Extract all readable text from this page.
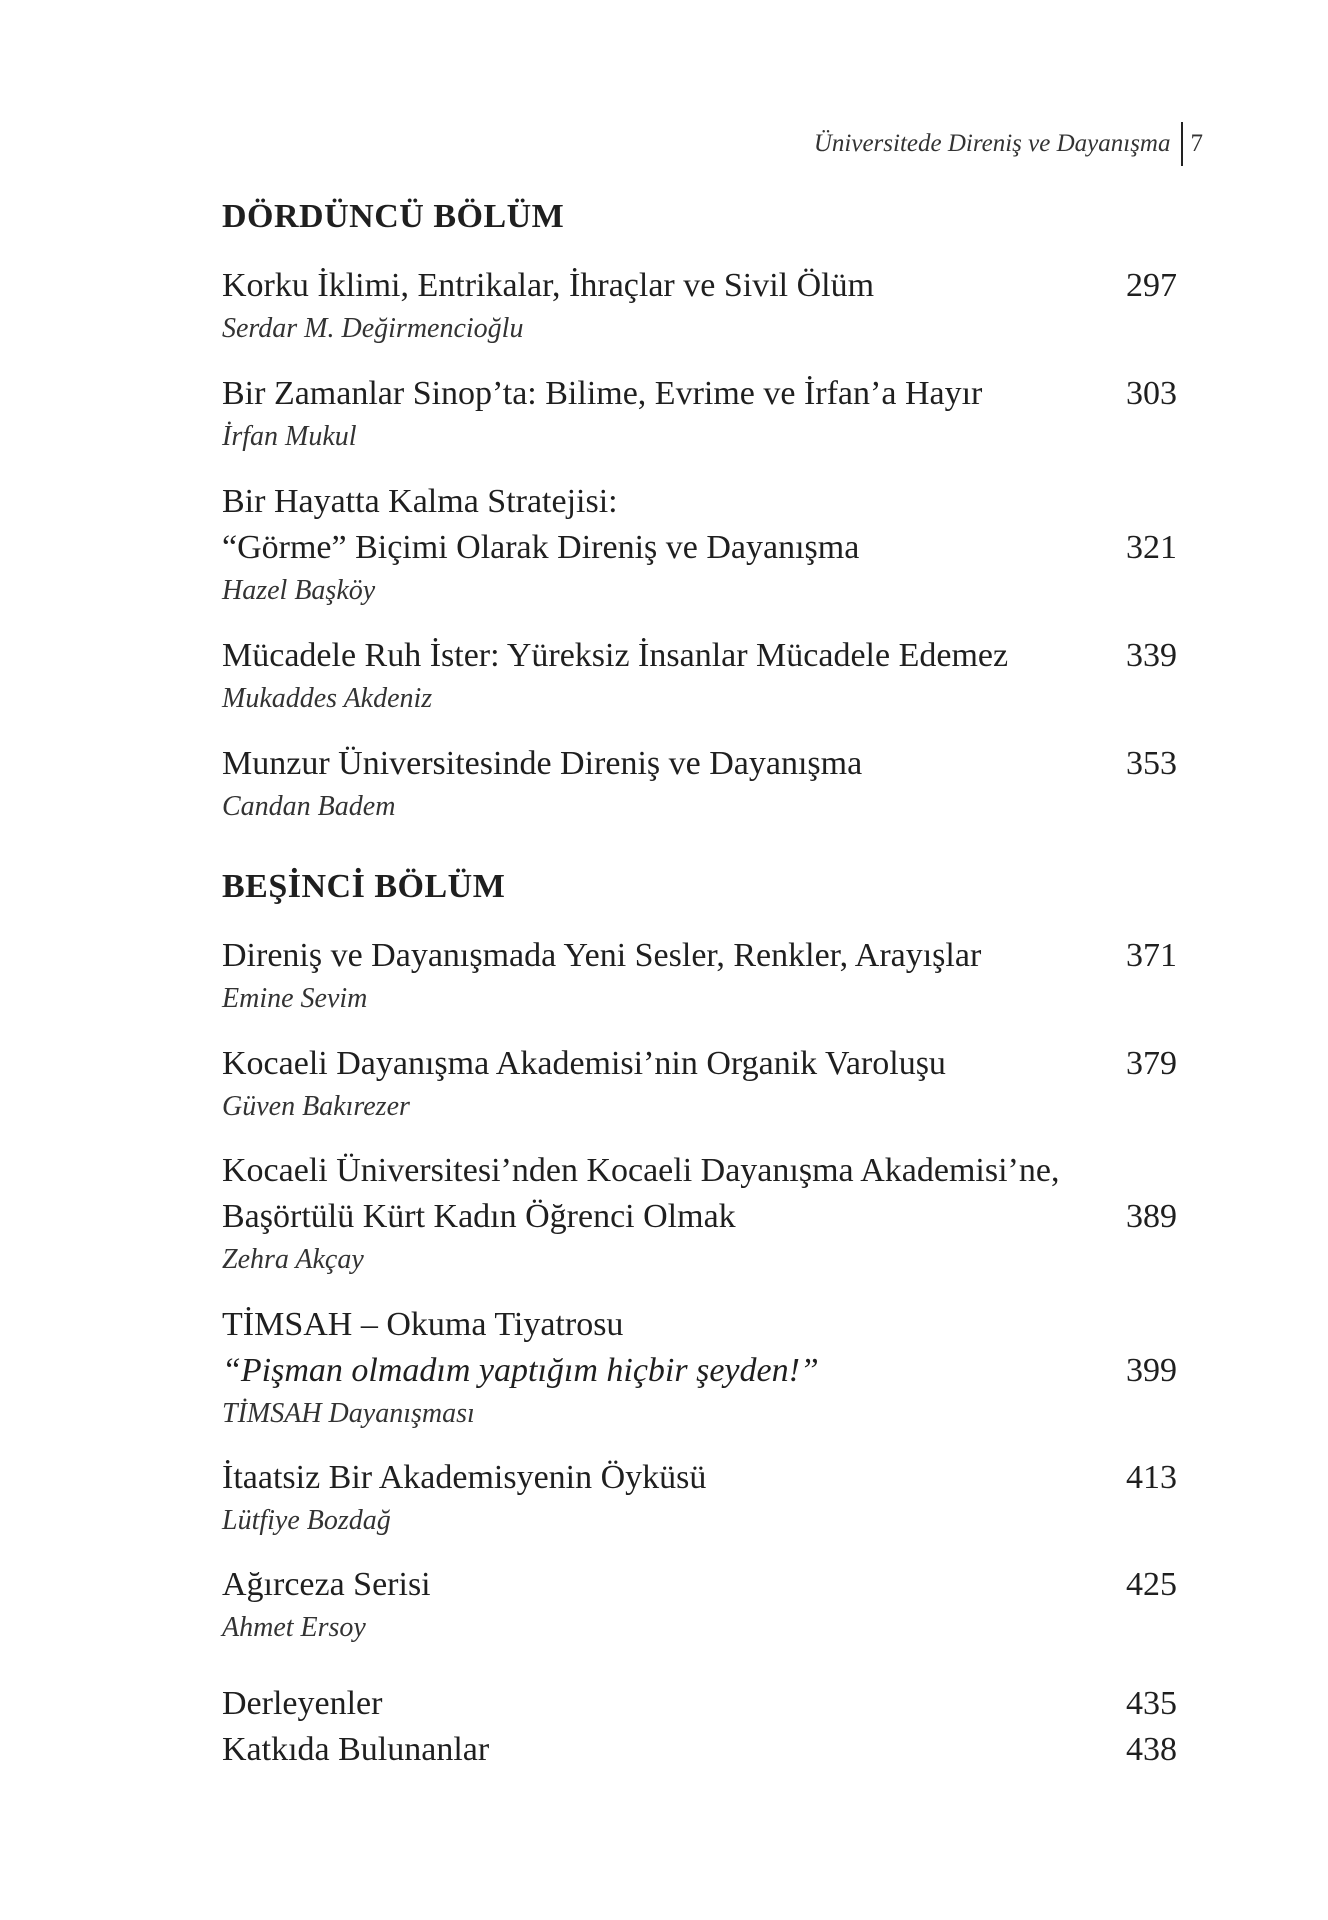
Üniversitede Direniş ve Dayanışma 7
DÖRDÜNCÜ BÖLÜM
Korku İklimi, Entrikalar, İhraçlar ve Sivil Ölüm	297
Serdar M. Değirmencioğlu
Bir Zamanlar Sinop’ta: Bilime, Evrime ve İrfan’a Hayır	303
İrfan Mukul
Bir Hayatta Kalma Stratejisi:
“Görme” Biçimi Olarak Direniş ve Dayanışma	321
Hazel Başköy
Mücadele Ruh İster: Yüreksiz İnsanlar Mücadele Edemez	339
Mukaddes Akdeniz
Munzur Üniversitesinde Direniş ve Dayanışma	353
Candan Badem
BEŞİNCİ BÖLÜM
Direniş ve Dayanışmada Yeni Sesler, Renkler, Arayışlar	371
Emine Sevim
Kocaeli Dayanışma Akademisi’nin Organik Varoluşu	379
Güven Bakırezer
Kocaeli Üniversitesi’nden Kocaeli Dayanışma Akademisi’ne,
Başörtülü Kürt Kadın Öğrenci Olmak	389
Zehra Akçay
TİMSAH – Okuma Tiyatrosu
“Pişman olmadım yaptığım hiçbir şeyden!”	399
TİMSAH Dayanışması
İtaatsiz Bir Akademisyenin Öyküsü	413
Lütfiye Bozdağ
Ağırceza Serisi	425
Ahmet Ersoy
Derleyenler	435
Katkıda Bulunanlar	438
